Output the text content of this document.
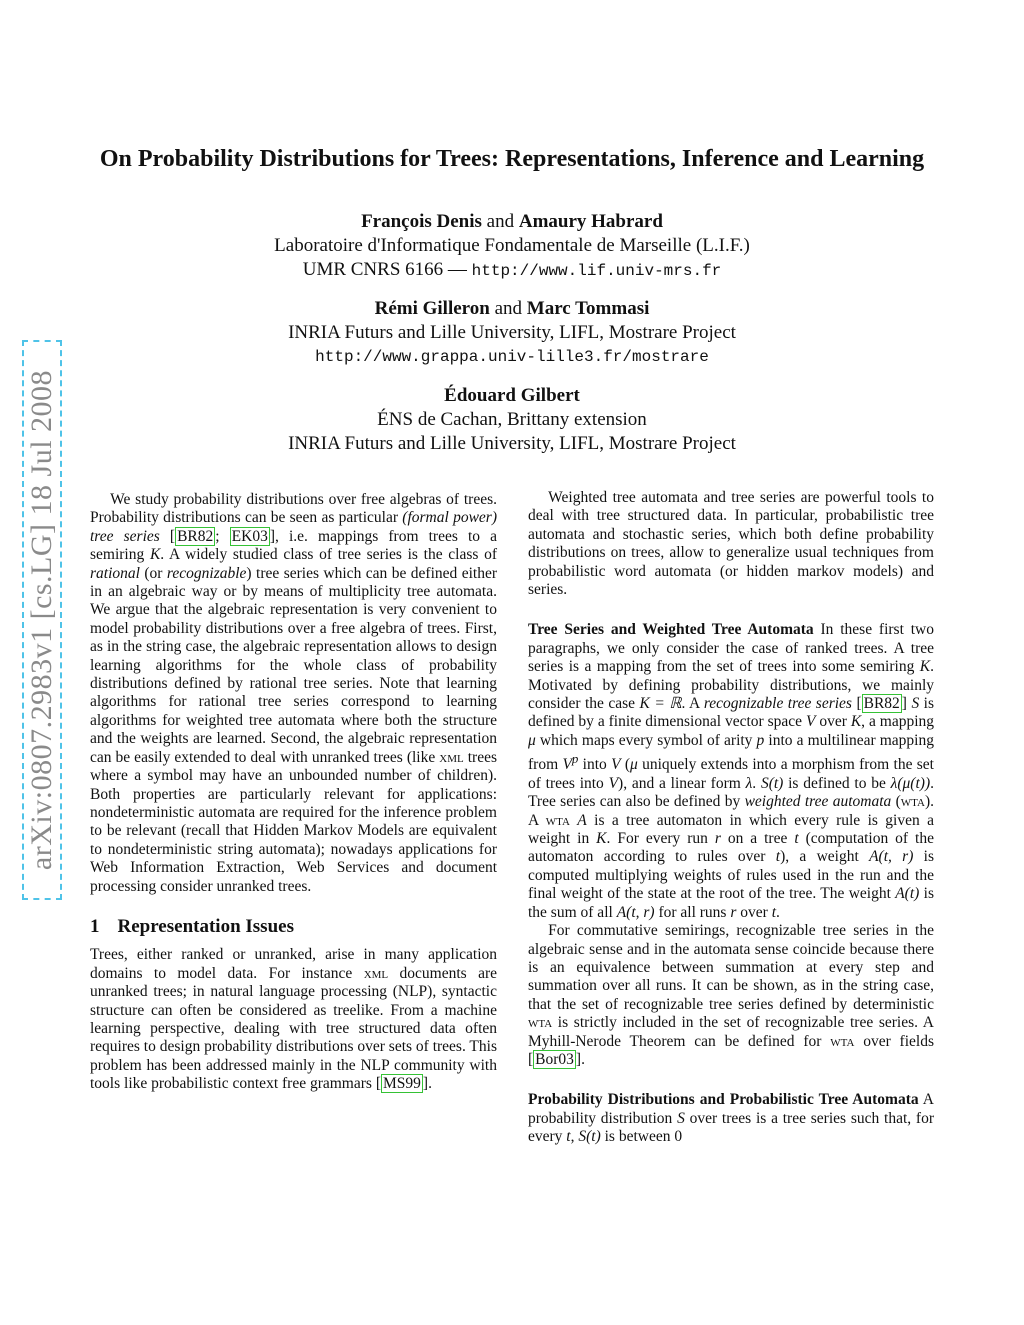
arXiv:0807.2983v1 [cs.LG] 18 Jul 2008
On Probability Distributions for Trees: Representations, Inference and Learning
François Denis and Amaury Habrard
Laboratoire d'Informatique Fondamentale de Marseille (L.I.F.)
UMR CNRS 6166 — http://www.lif.univ-mrs.fr
Rémi Gilleron and Marc Tommasi
INRIA Futurs and Lille University, LIFL, Mostrare Project
http://www.grappa.univ-lille3.fr/mostrare
Édouard Gilbert
ÉNS de Cachan, Brittany extension
INRIA Futurs and Lille University, LIFL, Mostrare Project

We study probability distributions over free algebras of trees. Probability distributions can be seen as particular (formal power) tree series [ BR82 ; EK03 ], i.e. mappings from trees to a semiring K. A widely studied class of tree series is the class of rational (or recognizable) tree series which can be defined either in an algebraic way or by means of multiplicity tree automata. We argue that the algebraic representation is very convenient to model probability distributions over a free algebra of trees. First, as in the string case, the algebraic representation allows to design learning algorithms for the whole class of probability distributions defined by rational tree series. Note that learning algorithms for rational tree series correspond to learning algorithms for weighted tree automata where both the structure and the weights are learned. Second, the algebraic representation can be easily extended to deal with unranked trees (like xml trees where a symbol may have an unbounded number of children). Both properties are particularly relevant for applications: nondeterministic automata are required for the inference problem to be relevant (recall that Hidden Markov Models are equivalent to nondeterministic string automata); nowadays applications for Web Information Extraction, Web Services and document processing consider unranked trees.

1 Representation Issues

Trees, either ranked or unranked, arise in many application domains to model data. For instance xml documents are unranked trees; in natural language processing (NLP), syntactic structure can often be considered as treelike. From a machine learning perspective, dealing with tree structured data often requires to design probability distributions over sets of trees. This problem has been addressed mainly in the NLP community with tools like probabilistic context free grammars [ MS99 ].

Weighted tree automata and tree series are powerful tools to deal with tree structured data. In particular, probabilistic tree automata and stochastic series, which both define probability distributions on trees, allow to generalize usual techniques from probabilistic word automata (or hidden markov models) and series.

Tree Series and Weighted Tree Automata In these first two paragraphs, we only consider the case of ranked trees. A tree series is a mapping from the set of trees into some semiring K. Motivated by defining probability distributions, we mainly consider the case K = ℝ. A recognizable tree series [ BR82 ] S is defined by a finite dimensional vector space V over K, a mapping μ which maps every symbol of arity p into a multilinear mapping from $V^p$ into V (μ uniquely extends into a morphism from the set of trees into V), and a linear form λ. S(t) is defined to be λ(μ(t)). Tree series can also be defined by weighted tree automata (wta). A wta A is a tree automaton in which every rule is given a weight in K. For every run r on a tree t (computation of the automaton according to rules over t), a weight A(t, r) is computed multiplying weights of rules used in the run and the final weight of the state at the root of the tree. The weight A(t) is the sum of all A(t, r) for all runs r over t.

For commutative semirings, recognizable tree series in the algebraic sense and in the automata sense coincide because there is an equivalence between summation at every step and summation over all runs. It can be shown, as in the string case, that the set of recognizable tree series defined by deterministic wta is strictly included in the set of recognizable tree series. A Myhill-Nerode Theorem can be defined for wta over fields [ Bor03 ].

Probability Distributions and Probabilistic Tree Automata A probability distribution S over trees is a tree series such that, for every t, S(t) is between 0
